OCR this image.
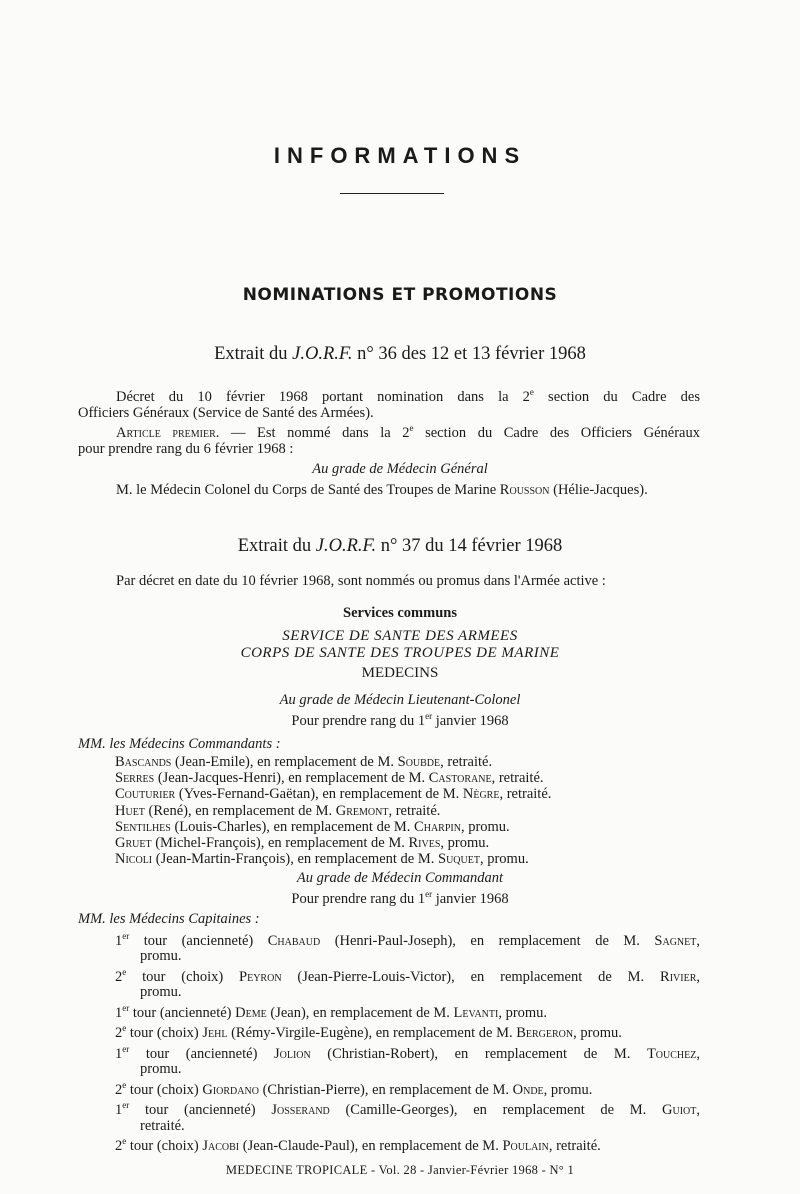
INFORMATIONS
NOMINATIONS ET PROMOTIONS
Extrait du J.O.R.F. n° 36 des 12 et 13 février 1968
Décret du 10 février 1968 portant nomination dans la 2e section du Cadre des
Officiers Généraux (Service de Santé des Armées).
Article premier. — Est nommé dans la 2e section du Cadre des Officiers Généraux
pour prendre rang du 6 février 1968 :
Au grade de Médecin Général
M. le Médecin Colonel du Corps de Santé des Troupes de Marine Rousson (Hélie-Jacques).
Extrait du J.O.R.F. n° 37 du 14 février 1968
Par décret en date du 10 février 1968, sont nommés ou promus dans l'Armée active :
Services communs
SERVICE DE SANTE DES ARMEES
CORPS DE SANTE DES TROUPES DE MARINE
MEDECINS
Au grade de Médecin Lieutenant-Colonel
Pour prendre rang du 1er janvier 1968
MM. les Médecins Commandants :
Bascands (Jean-Emile), en remplacement de M. Soubde, retraité.
Serres (Jean-Jacques-Henri), en remplacement de M. Castorane, retraité.
Couturier (Yves-Fernand-Gaëtan), en remplacement de M. Nègre, retraité.
Huet (René), en remplacement de M. Gremont, retraité.
Sentilhes (Louis-Charles), en remplacement de M. Charpin, promu.
Gruet (Michel-François), en remplacement de M. Rives, promu.
Nicoli (Jean-Martin-François), en remplacement de M. Suquet, promu.
Au grade de Médecin Commandant
Pour prendre rang du 1er janvier 1968
MM. les Médecins Capitaines :
1er tour (ancienneté) Chabaud (Henri-Paul-Joseph), en remplacement de M. Sagnet,
promu.
2e tour (choix) Peyron (Jean-Pierre-Louis-Victor), en remplacement de M. Rivier,
promu.
1er tour (ancienneté) Deme (Jean), en remplacement de M. Levanti, promu.
2e tour (choix) Jehl (Rémy-Virgile-Eugène), en remplacement de M. Bergeron, promu.
1er tour (ancienneté) Jolion (Christian-Robert), en remplacement de M. Touchez,
promu.
2e tour (choix) Giordano (Christian-Pierre), en remplacement de M. Onde, promu.
1er tour (ancienneté) Josserand (Camille-Georges), en remplacement de M. Guiot,
retraité.
2e tour (choix) Jacobi (Jean-Claude-Paul), en remplacement de M. Poulain, retraité.
MEDECINE TROPICALE - Vol. 28 - Janvier-Février 1968 - N° 1
